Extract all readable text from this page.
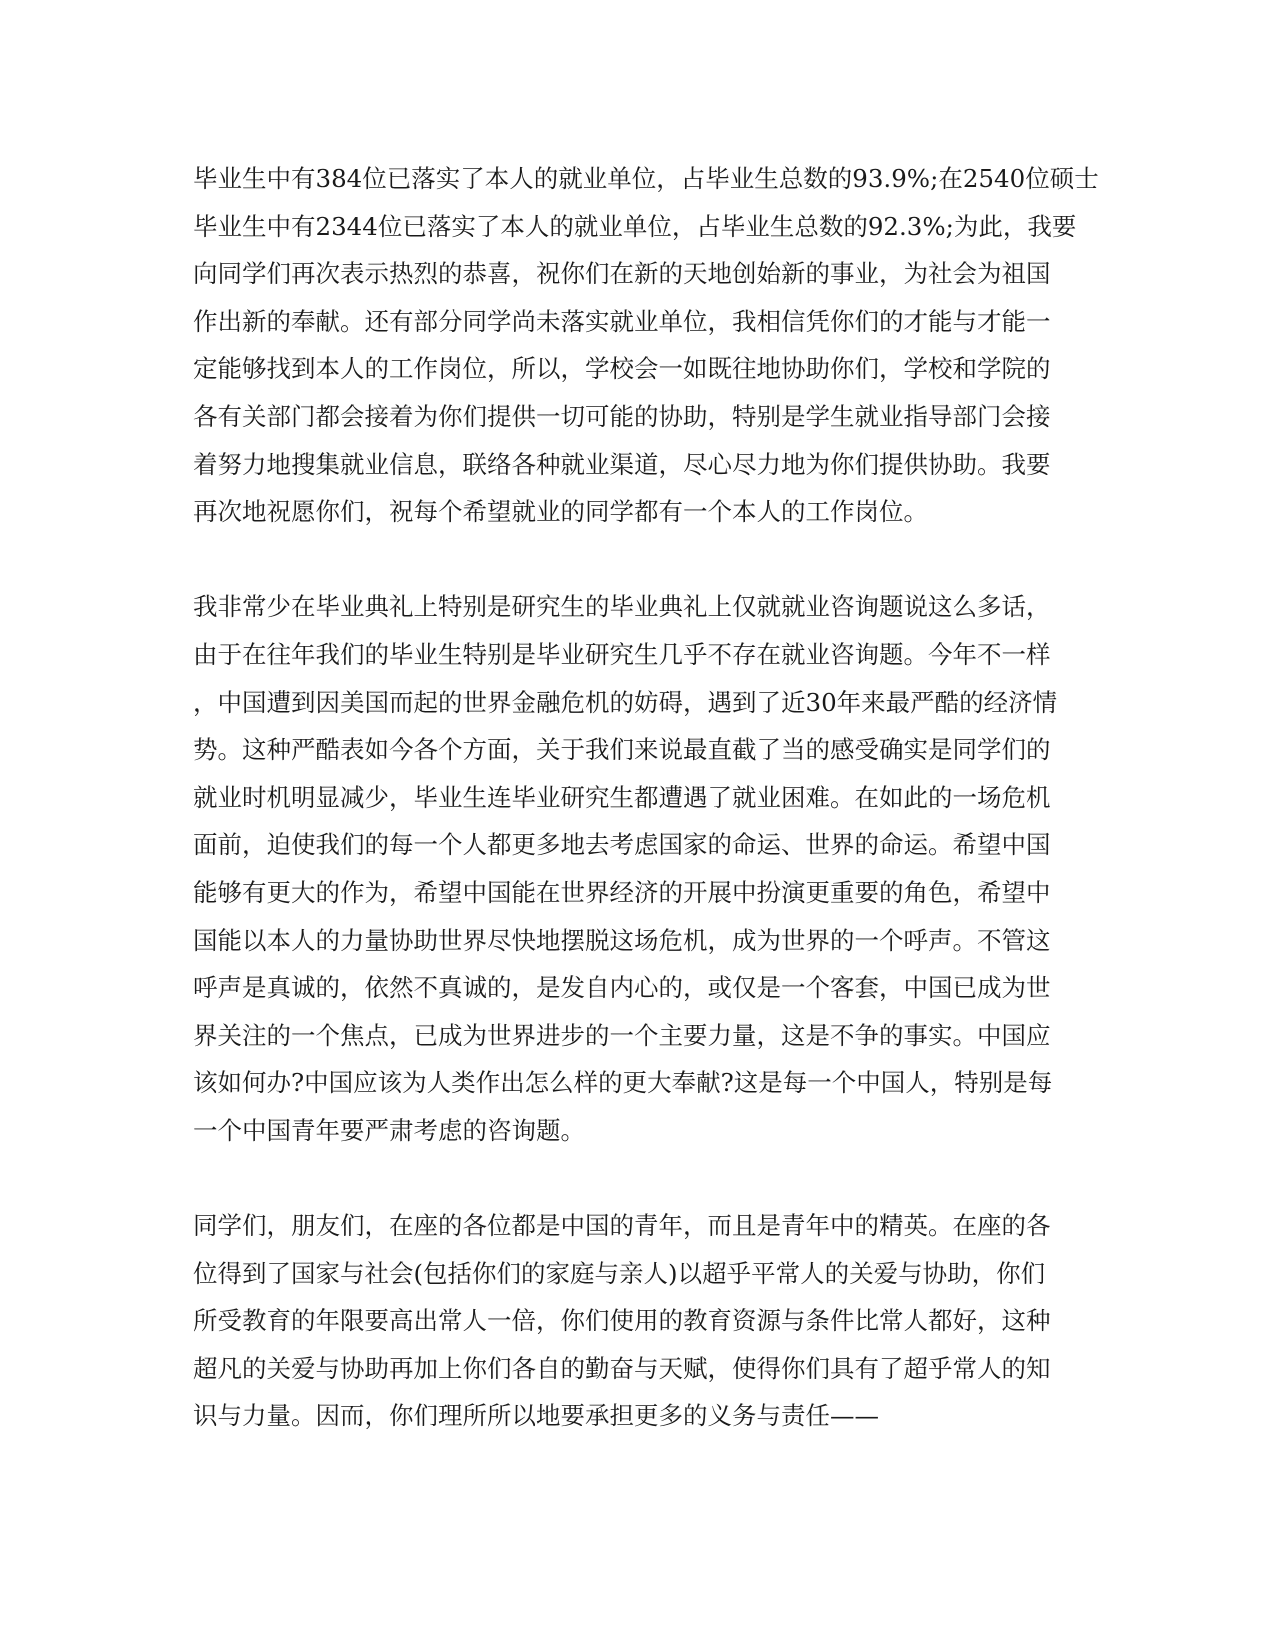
毕业生中有384位已落实了本人的就业单位，占毕业生总数的93.9%;在2540位硕士
毕业生中有2344位已落实了本人的就业单位，占毕业生总数的92.3%;为此，我要
向同学们再次表示热烈的恭喜，祝你们在新的天地创始新的事业，为社会为祖国
作出新的奉献。还有部分同学尚未落实就业单位，我相信凭你们的才能与才能一
定能够找到本人的工作岗位，所以，学校会一如既往地协助你们，学校和学院的
各有关部门都会接着为你们提供一切可能的协助，特别是学生就业指导部门会接
着努力地搜集就业信息，联络各种就业渠道，尽心尽力地为你们提供协助。我要
再次地祝愿你们，祝每个希望就业的同学都有一个本人的工作岗位。
我非常少在毕业典礼上特别是研究生的毕业典礼上仅就就业咨询题说这么多话，
由于在往年我们的毕业生特别是毕业研究生几乎不存在就业咨询题。今年不一样
，中国遭到因美国而起的世界金融危机的妨碍，遇到了近30年来最严酷的经济情
势。这种严酷表如今各个方面，关于我们来说最直截了当的感受确实是同学们的
就业时机明显减少，毕业生连毕业研究生都遭遇了就业困难。在如此的一场危机
面前，迫使我们的每一个人都更多地去考虑国家的命运、世界的命运。希望中国
能够有更大的作为，希望中国能在世界经济的开展中扮演更重要的角色，希望中
国能以本人的力量协助世界尽快地摆脱这场危机，成为世界的一个呼声。不管这
呼声是真诚的，依然不真诚的，是发自内心的，或仅是一个客套，中国已成为世
界关注的一个焦点，已成为世界进步的一个主要力量，这是不争的事实。中国应
该如何办?中国应该为人类作出怎么样的更大奉献?这是每一个中国人，特别是每
一个中国青年要严肃考虑的咨询题。
同学们，朋友们，在座的各位都是中国的青年，而且是青年中的精英。在座的各
位得到了国家与社会(包括你们的家庭与亲人)以超乎平常人的关爱与协助，你们
所受教育的年限要高出常人一倍，你们使用的教育资源与条件比常人都好，这种
超凡的关爱与协助再加上你们各自的勤奋与天赋，使得你们具有了超乎常人的知
识与力量。因而，你们理所所以地要承担更多的义务与责任——
